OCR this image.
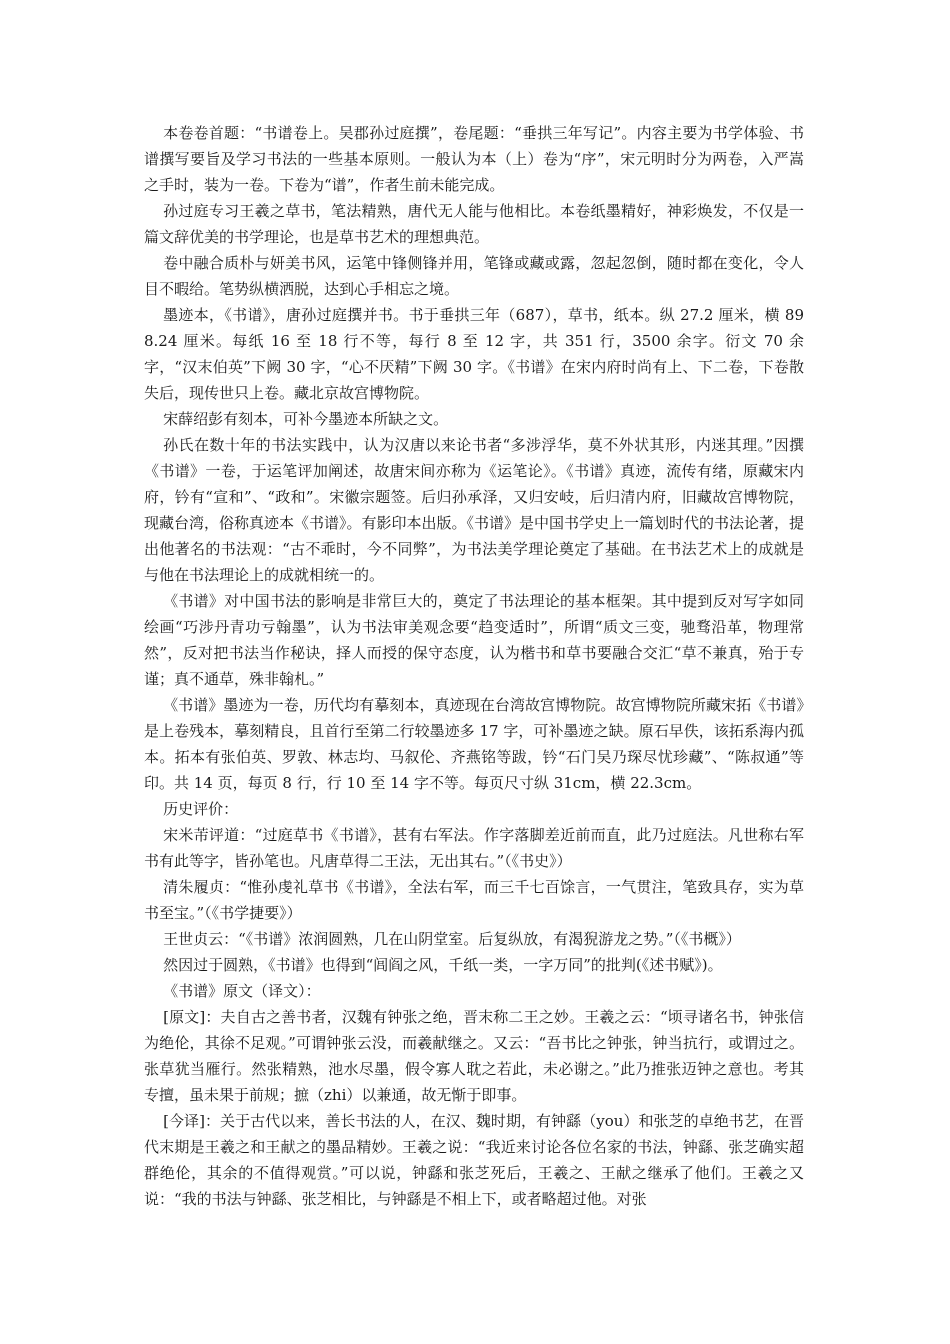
本卷卷首题：“书谱卷上。吴郡孙过庭撰”，卷尾题：“垂拱三年写记”。内容主要为书学体验、书谱撰写要旨及学习书法的一些基本原则。一般认为本（上）卷为“序”，宋元明时分为两卷，入严嵩之手时，装为一卷。下卷为“谱”，作者生前未能完成。

孙过庭专习王羲之草书，笔法精熟，唐代无人能与他相比。本卷纸墨精好，神彩焕发，不仅是一篇文辞优美的书学理论，也是草书艺术的理想典范。

卷中融合质朴与妍美书风，运笔中锋侧锋并用，笔锋或藏或露，忽起忽倒，随时都在变化，令人目不暇给。笔势纵横洒脱，达到心手相忘之境。

墨迹本，《书谱》，唐孙过庭撰并书。书于垂拱三年（687），草书，纸本。纵 27.2 厘米，横 898.24 厘米。每纸 16 至 18 行不等，每行 8 至 12 字，共 351 行，3500 余字。衍文 70 余字，“汉末伯英”下阙 30 字，“心不厌精”下阙 30 字。《书谱》在宋内府时尚有上、下二卷，下卷散失后，现传世只上卷。藏北京故宫博物院。

宋薛绍彭有刻本，可补今墨迹本所缺之文。

孙氏在数十年的书法实践中，认为汉唐以来论书者“多涉浮华，莫不外状其形，内迷其理。”因撰《书谱》一卷，于运笔评加阐述，故唐宋间亦称为《运笔论》。《书谱》真迹，流传有绪，原藏宋内府，钤有“宣和”、“政和”。宋徽宗题签。后归孙承泽，又归安岐，后归清内府，旧藏故宫博物院，现藏台湾，俗称真迹本《书谱》。有影印本出版。《书谱》是中国书学史上一篇划时代的书法论著，提出他著名的书法观：“古不乖时，今不同弊”，为书法美学理论奠定了基础。在书法艺术上的成就是与他在书法理论上的成就相统一的。

《书谱》对中国书法的影响是非常巨大的，奠定了书法理论的基本框架。其中提到反对写字如同绘画“巧涉丹青功亏翰墨”，认为书法审美观念要“趋变适时”，所谓“质文三变，驰骛沿革，物理常然”，反对把书法当作秘诀，择人而授的保守态度，认为楷书和草书要融合交汇“草不兼真，殆于专谨；真不通草，殊非翰札。”

《书谱》墨迹为一卷，历代均有摹刻本，真迹现在台湾故宫博物院。故宫博物院所藏宋拓《书谱》是上卷残本，摹刻精良，且首行至第二行较墨迹多 17 字，可补墨迹之缺。原石早佚，该拓系海内孤本。拓本有张伯英、罗敦、林志均、马叙伦、齐燕铭等跋，钤“石门吴乃琛尽忧珍藏”、“陈叔通”等印。共 14 页，每页 8 行，行 10 至 14 字不等。每页尺寸纵 31cm，横 22.3cm。

历史评价：

宋米芾评道：“过庭草书《书谱》，甚有右军法。作字落脚差近前而直，此乃过庭法。凡世称右军书有此等字，皆孙笔也。凡唐草得二王法，无出其右。”（《书史》）

清朱履贞：“惟孙虔礼草书《书谱》，全法右军，而三千七百馀言，一气贯注，笔致具存，实为草书至宝。”（《书学捷要》）

王世贞云：“《书谱》浓润圆熟，几在山阴堂室。后复纵放，有渴猊游龙之势。”（《书概》）

然因过于圆熟，《书谱》也得到“闾阎之风，千纸一类，一字万同”的批判(《述书赋》)。

《书谱》原文（译文）：

[原文]：夫自古之善书者，汉魏有钟张之绝，晋末称二王之妙。王羲之云：“顷寻诸名书，钟张信为绝伦，其徐不足观。”可谓钟张云没，而羲献继之。又云：“吾书比之钟张，钟当抗行，或谓过之。张草犹当雁行。然张精熟，池水尽墨，假令寡人耽之若此，未必谢之。”此乃推张迈钟之意也。考其专擅，虽未果于前规；摭（zhi）以兼通，故无惭于即事。

[今译]：关于古代以来，善长书法的人，在汉、魏时期，有钟繇（you）和张芝的卓绝书艺，在晋代末期是王羲之和王献之的墨品精妙。王羲之说：“我近来讨论各位名家的书法，钟繇、张芝确实超群绝伦，其余的不值得观赏。”可以说，钟繇和张芝死后，王羲之、王献之继承了他们。王羲之又说：“我的书法与钟繇、张芝相比，与钟繇是不相上下，或者略超过他。对张
